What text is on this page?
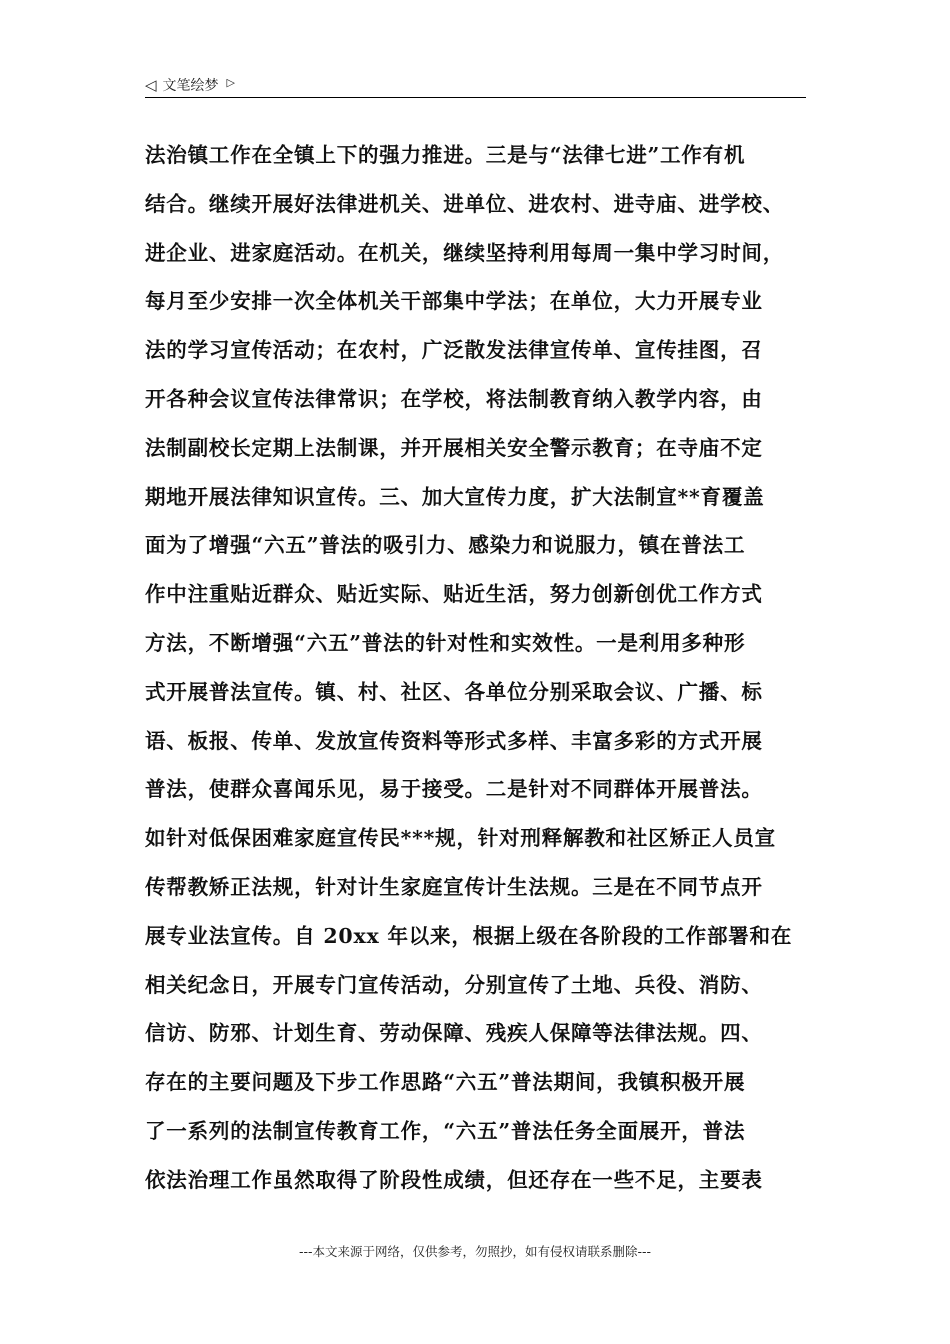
◁ 文笔绘梦 ▷
法治镇工作在全镇上下的强力推进。三是与“法律七进”工作有机
结合。继续开展好法律进机关、进单位、进农村、进寺庙、进学校、
进企业、进家庭活动。在机关，继续坚持利用每周一集中学习时间，
每月至少安排一次全体机关干部集中学法；在单位，大力开展专业
法的学习宣传活动；在农村，广泛散发法律宣传单、宣传挂图，召
开各种会议宣传法律常识；在学校，将法制教育纳入教学内容，由
法制副校长定期上法制课，并开展相关安全警示教育；在寺庙不定
期地开展法律知识宣传。三、加大宣传力度，扩大法制宣**育覆盖
面为了增强“六五”普法的吸引力、感染力和说服力，镇在普法工
作中注重贴近群众、贴近实际、贴近生活，努力创新创优工作方式
方法，不断增强“六五”普法的针对性和实效性。一是利用多种形
式开展普法宣传。镇、村、社区、各单位分别采取会议、广播、标
语、板报、传单、发放宣传资料等形式多样、丰富多彩的方式开展
普法，使群众喜闻乐见，易于接受。二是针对不同群体开展普法。
如针对低保困难家庭宣传民***规，针对刑释解教和社区矫正人员宣
传帮教矫正法规，针对计生家庭宣传计生法规。三是在不同节点开
展专业法宣传。自 20xx 年以来，根据上级在各阶段的工作部署和在
相关纪念日，开展专门宣传活动，分别宣传了土地、兵役、消防、
信访、防邪、计划生育、劳动保障、残疾人保障等法律法规。四、
存在的主要问题及下步工作思路“六五”普法期间，我镇积极开展
了一系列的法制宣传教育工作，“六五”普法任务全面展开，普法
依法治理工作虽然取得了阶段性成绩，但还存在一些不足，主要表
---本文来源于网络，仅供参考，勿照抄，如有侵权请联系删除---
